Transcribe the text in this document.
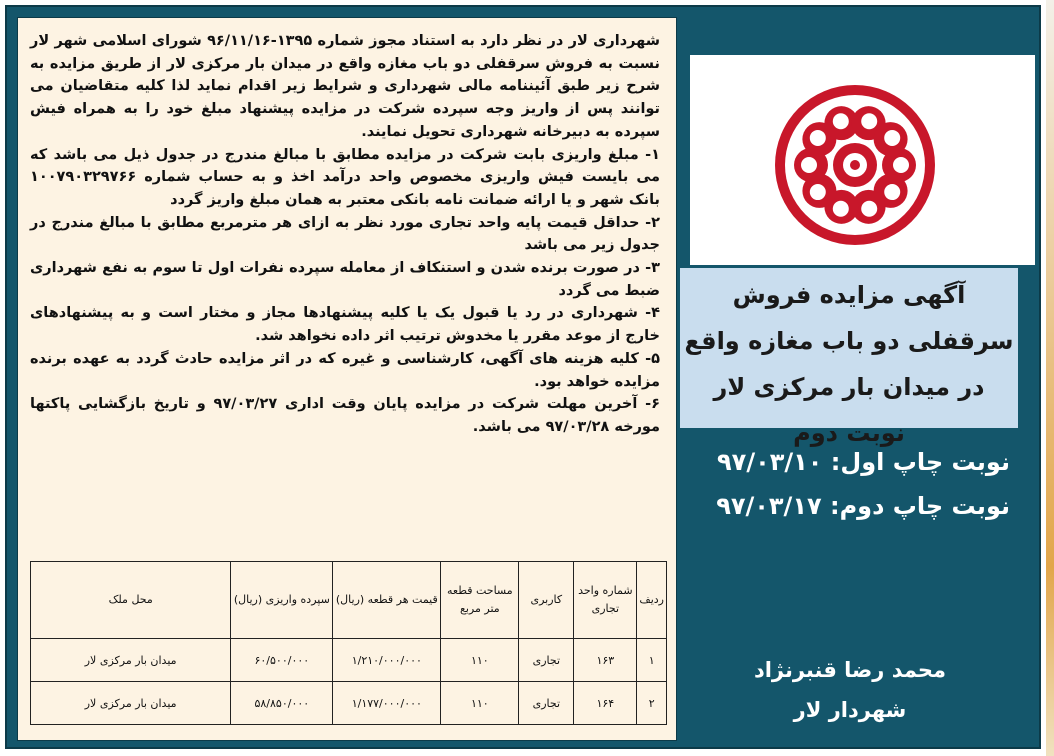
شهرداری لار در نظر دارد به استناد مجوز شماره ۱۳۹۵-۹۶/۱۱/۱۶ شورای اسلامی شهر لار نسبت به فروش سرقفلی دو باب مغازه واقع در میدان بار مرکزی لار از طریق مزایده به شرح زیر طبق آئیننامه مالی شهرداری و شرایط زیر اقدام نماید لذا کلیه متقاضیان می توانند پس از واریز وجه سپرده شرکت در مزایده پیشنهاد مبلغ خود را به همراه فیش سپرده به دبیرخانه شهرداری تحویل نمایند.

۱- مبلغ واریزی بابت شرکت در مزایده مطابق با مبالغ مندرج در جدول ذیل می باشد که می بایست فیش واریزی مخصوص واحد درآمد اخذ و به حساب شماره ۱۰۰۷۹۰۳۲۹۷۶۶ بانک شهر و یا ارائه ضمانت نامه بانکی معتبر به همان مبلغ واریز گردد

۲- حداقل قیمت پایه واحد تجاری مورد نظر به ازای هر مترمربع مطابق با مبالغ مندرج در جدول زیر می باشد

۳- در صورت برنده شدن و استنکاف از معامله سپرده نفرات اول تا سوم به نفع شهرداری ضبط می گردد

۴- شهرداری در رد یا قبول یک یا کلیه پیشنهادها مجاز و مختار است و به پیشنهادهای خارج از موعد مقرر یا مخدوش ترتیب اثر داده نخواهد شد.

۵- کلیه هزینه های آگهی، کارشناسی و غیره که در اثر مزایده حادث گردد به عهده برنده مزایده خواهد بود.

۶- آخرین مهلت شرکت در مزایده پایان وقت اداری ۹۷/۰۳/۲۷ و تاریخ بازگشایی پاکتها مورخه ۹۷/۰۳/۲۸ می باشد.

ردیف	شماره واحد تجاری	کاربری	مساحت قطعه متر مربع	قیمت هر قطعه (ریال)	سپرده واریزی (ریال)	محل ملک
۱	۱۶۳	تجاری	۱۱۰	۱/۲۱۰/۰۰۰/۰۰۰	۶۰/۵۰۰/۰۰۰	میدان بار مرکزی لار
۲	۱۶۴	تجاری	۱۱۰	۱/۱۷۷/۰۰۰/۰۰۰	۵۸/۸۵۰/۰۰۰	میدان بار مرکزی لار
آگهی مزایده فروش سرقفلی دو باب مغازه واقع در میدان بار مرکزی لار نوبت دوم
نوبت چاپ اول: ۹۷/۰۳/۱۰
نوبت چاپ دوم: ۹۷/۰۳/۱۷
محمد رضا قنبرنژاد
شهردار لار
